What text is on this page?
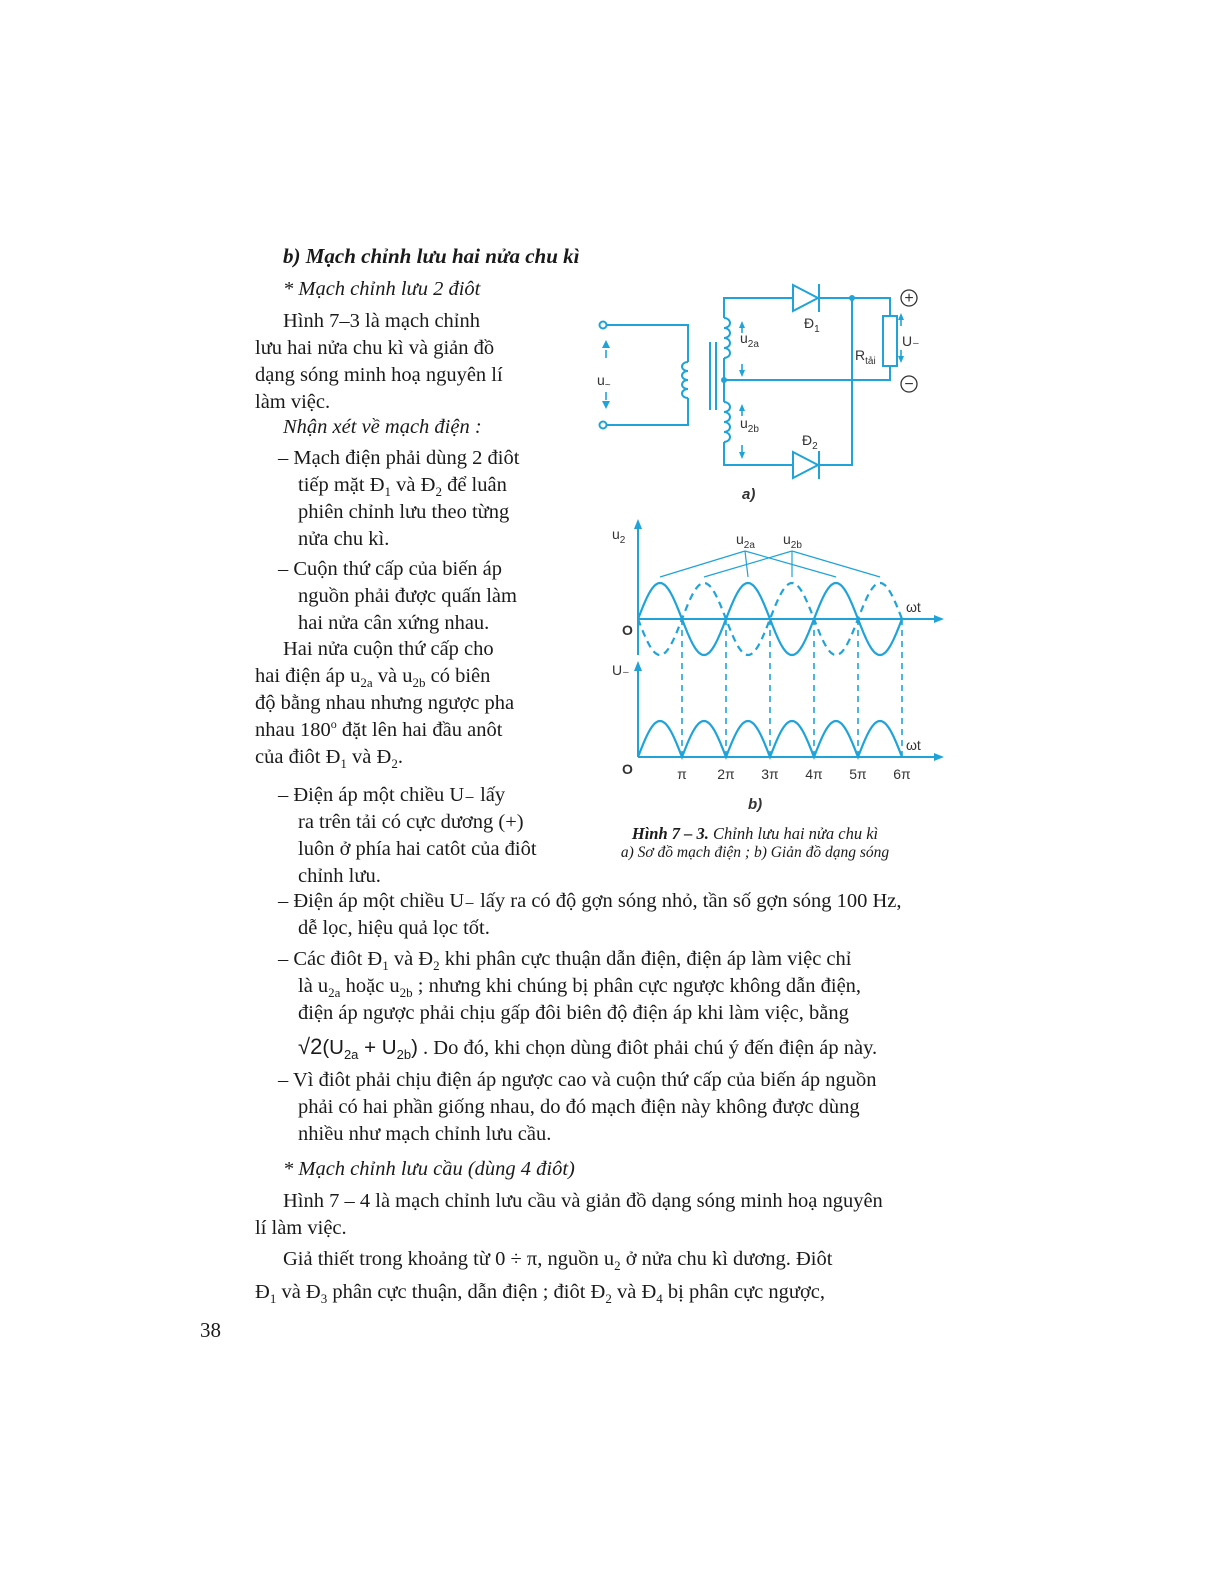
b) Mạch chỉnh lưu hai nửa chu kì
* Mạch chỉnh lưu 2 điôt
Hình 7–3 là mạch chỉnh
lưu hai nửa chu kì và giản đồ
dạng sóng minh hoạ nguyên lí
làm việc.
Nhận xét về mạch điện :
– Mạch điện phải dùng 2 điôt
tiếp mặt $Đ_1$ và $Đ_2$ để luân
phiên chỉnh lưu theo từng
nửa chu kì.
– Cuộn thứ cấp của biến áp
nguồn phải được quấn làm
hai nửa cân xứng nhau.
Hai nửa cuộn thứ cấp cho
hai điện áp $u_{2a}$ và $u_{2b}$ có biên
độ bằng nhau nhưng ngược pha
nhau 180$^o$ đặt lên hai đầu anôt
của điôt $Đ_1$ và $Đ_2$.
– Điện áp một chiều U₋ lấy
ra trên tải có cực dương (+)
luôn ở phía hai catôt của điôt
chỉnh lưu.
– Điện áp một chiều U₋ lấy ra có độ gợn sóng nhỏ, tần số gợn sóng 100 Hz,
dễ lọc, hiệu quả lọc tốt.
– Các điôt $Đ_1$ và $Đ_2$ khi phân cực thuận dẫn điện, điện áp làm việc chỉ
là $u_{2a}$ hoặc $u_{2b}$ ; nhưng khi chúng bị phân cực ngược không dẫn điện,
điện áp ngược phải chịu gấp đôi biên độ điện áp khi làm việc, bằng
$√2(U_{2a} + U_{2b})$ . Do đó, khi chọn dùng điôt phải chú ý đến điện áp này.
– Vì điôt phải chịu điện áp ngược cao và cuộn thứ cấp của biến áp nguồn
phải có hai phần giống nhau, do đó mạch điện này không được dùng
nhiều như mạch chỉnh lưu cầu.
* Mạch chỉnh lưu cầu (dùng 4 điôt)
Hình 7 – 4 là mạch chỉnh lưu cầu và giản đồ dạng sóng minh hoạ nguyên
lí làm việc.
Giả thiết trong khoảng từ 0 ÷ π, nguồn $u_2$ ở nửa chu kì dương. Điôt
$Đ_1$ và $Đ_3$ phân cực thuận, dẫn điện ; điôt $Đ_2$ và $Đ_4$ bị phân cực ngược,
38
+
−
$u_\sim$
$u_{2a}$
$u_{2b}$
$Đ_1$
$Đ_2$
$R_{tải}$
U₋
a)
$u_2$
ωt
O
$u_{2a}$ $u_{2b}$
U₋
ωt
O	π 2π 3π 4π 5π 6π
b)
Hình 7 – 3. Chỉnh lưu hai nửa chu kì
a) Sơ đồ mạch điện ; b) Giản đồ dạng sóng
